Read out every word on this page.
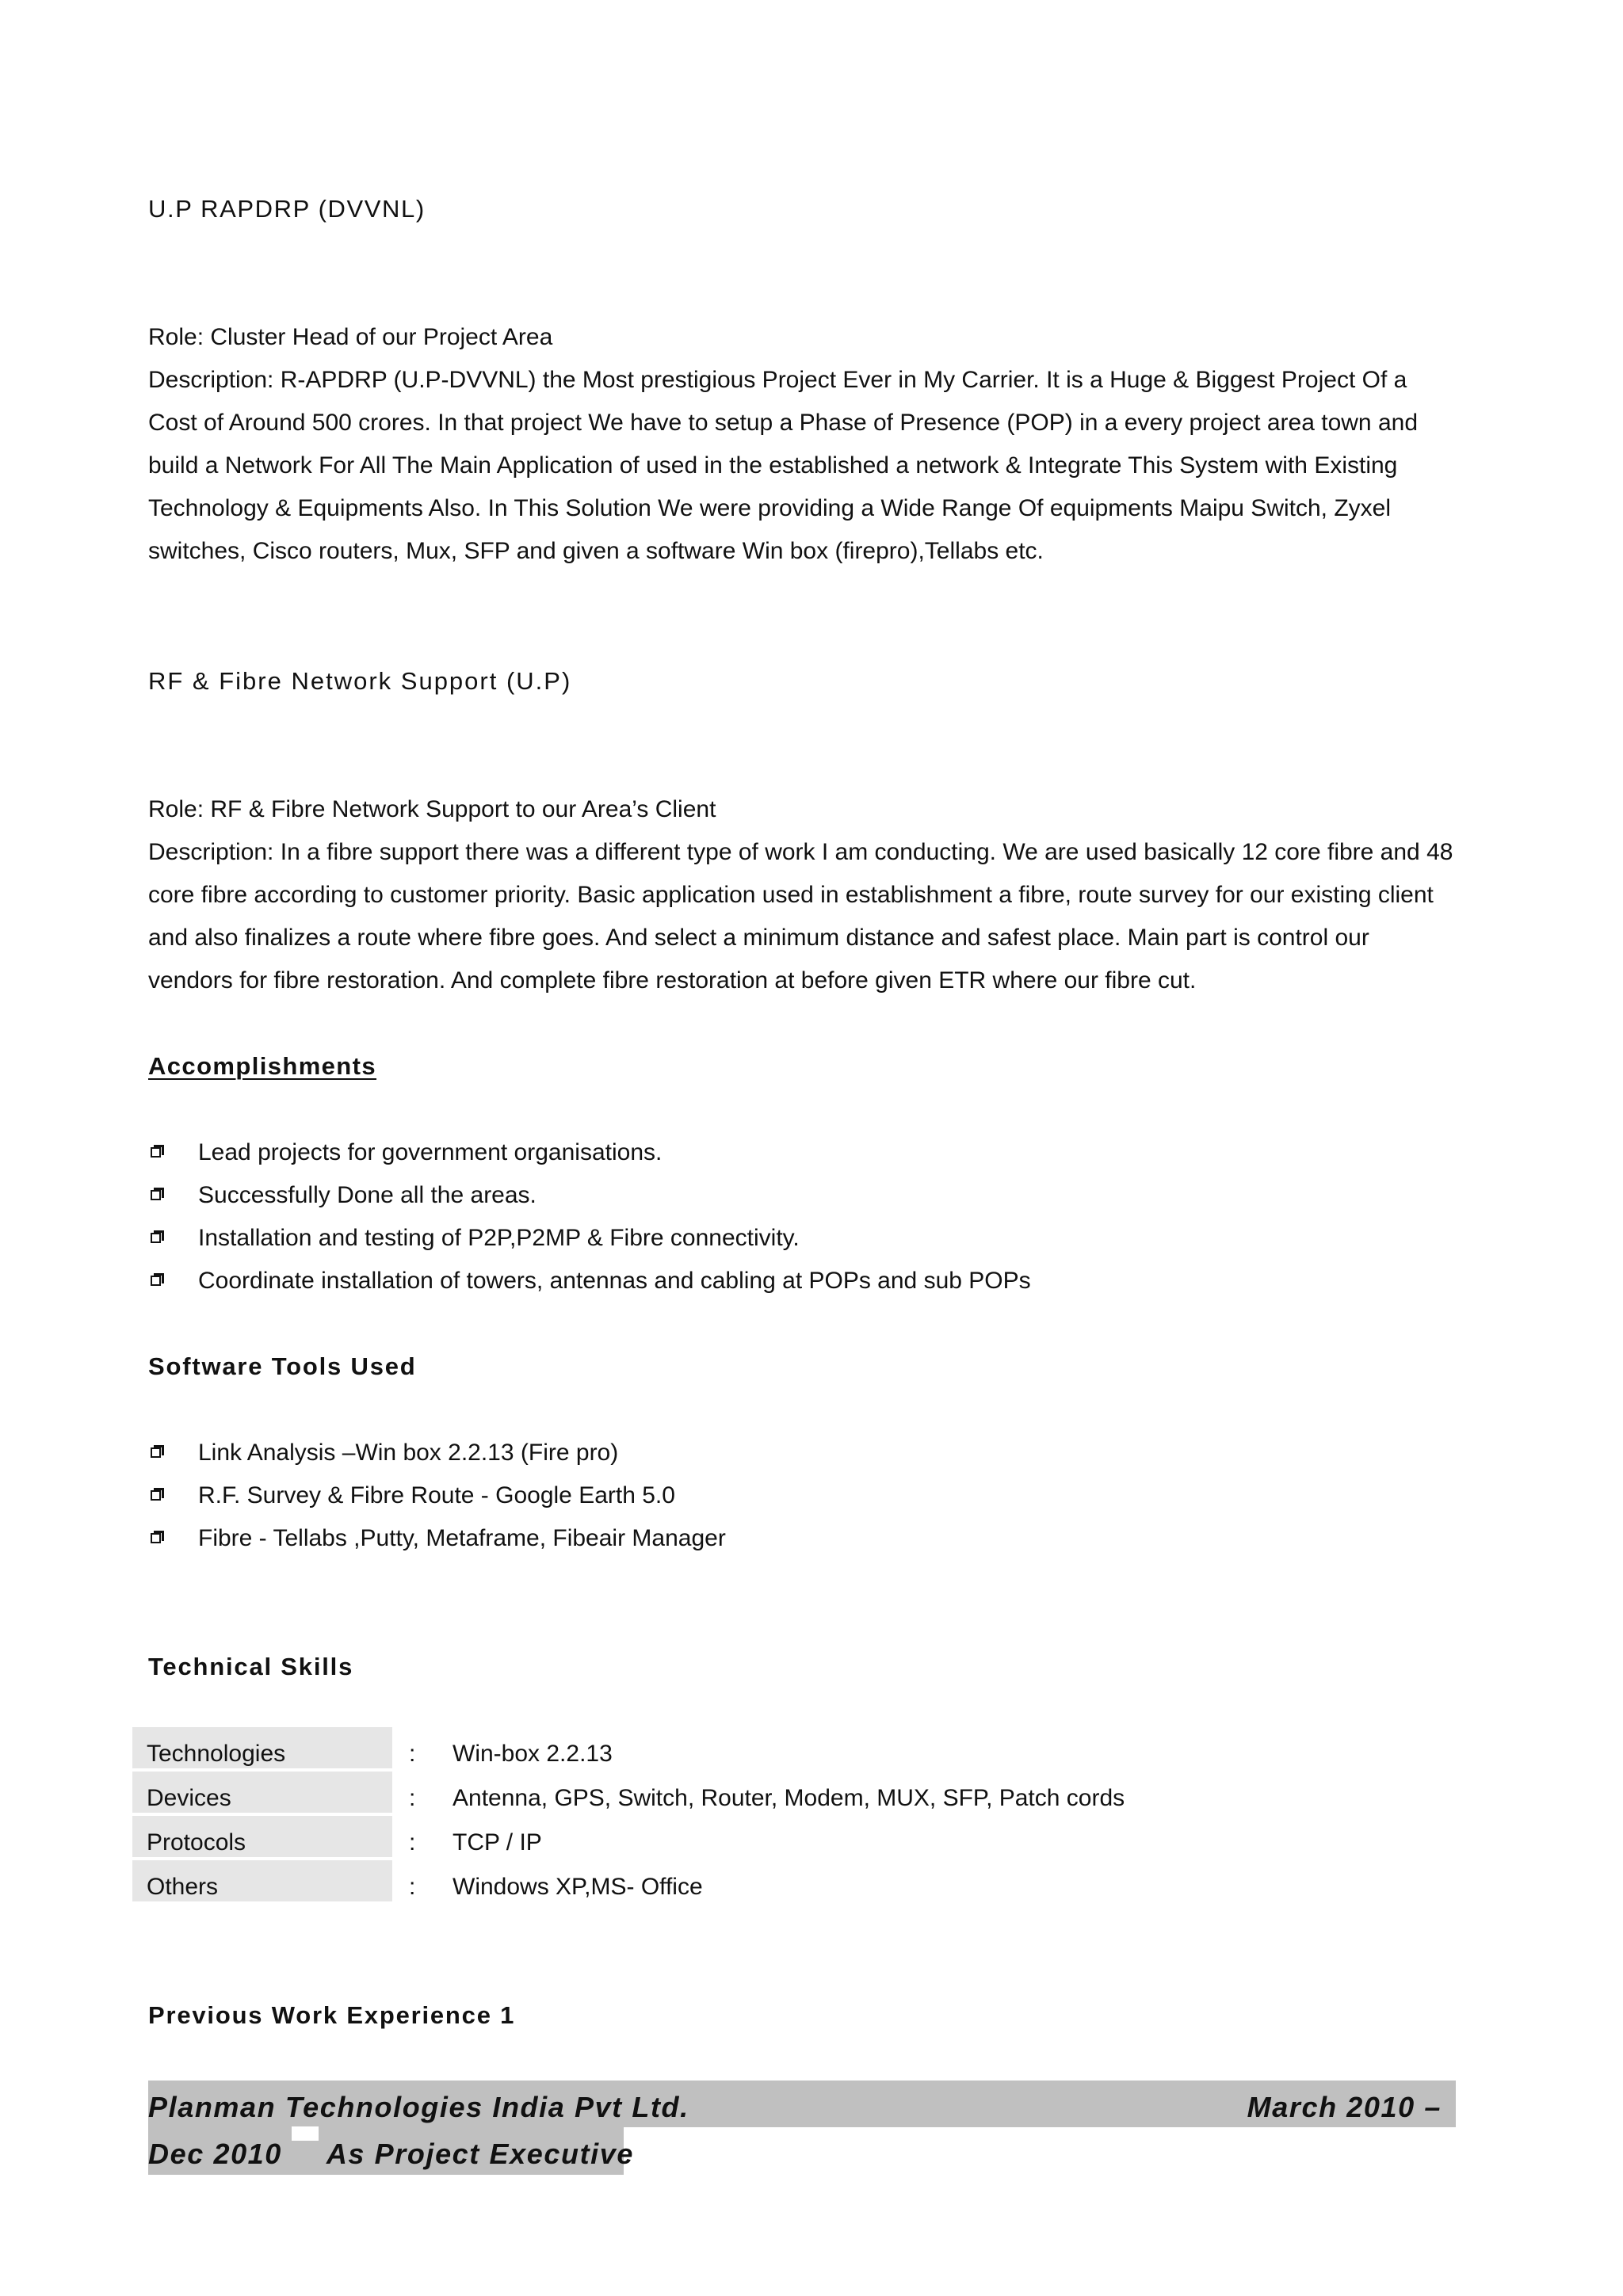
U.P RAPDRP (DVVNL)

Role: Cluster Head of our Project Area

Description: R-APDRP (U.P-DVVNL) the Most prestigious Project Ever in My Carrier. It is a Huge & Biggest Project Of a

Cost of Around 500 crores. In that project We have to setup a Phase of Presence (POP) in a every project area town and

build a Network For All The Main Application of used in the established a network & Integrate This System with Existing

Technology & Equipments Also. In This Solution We were providing a Wide Range Of equipments Maipu Switch, Zyxel

switches, Cisco routers, Mux, SFP and given a software Win box (firepro),Tellabs etc.

RF & Fibre Network Support (U.P)

Role: RF & Fibre Network Support to our Area’s Client

Description: In a fibre support there was a different type of work I am conducting. We are used basically 12 core fibre and 48

core fibre according to customer priority. Basic application used in establishment a fibre, route survey for our existing client

and also finalizes a route where fibre goes. And select a minimum distance and safest place. Main part is control our

vendors for fibre restoration. And complete fibre restoration at before given ETR where our fibre cut.

Accomplishments
Lead projects for government organisations.
Successfully Done all the areas.
Installation and testing of P2P,P2MP & Fibre connectivity.
Coordinate installation of towers, antennas and cabling at POPs and sub POPs
Software Tools Used
Link Analysis –Win box 2.2.13 (Fire pro)
R.F. Survey & Fibre Route - Google Earth 5.0
Fibre - Tellabs ,Putty, Metaframe, Fibeair Manager
Technical Skills
Technologies	: Win-box 2.2.13
Devices	: Antenna, GPS, Switch, Router, Modem, MUX, SFP, Patch cords
Protocols	: TCP / IP
Others	: Windows XP,MS- Office
Previous Work Experience 1
Planman Technologies India Pvt Ltd.	March 2010 –
Dec 2010 As Project Executive
